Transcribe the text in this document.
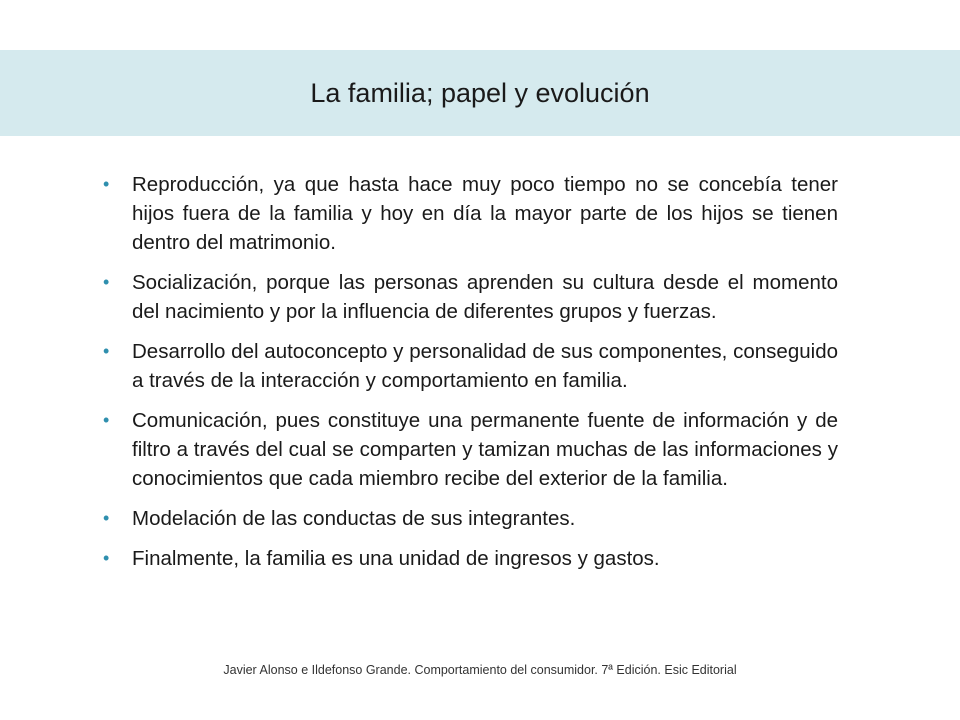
La familia; papel y evolución
• Reproducción, ya que hasta hace muy poco tiempo no se concebía tener hijos fuera de la familia y hoy en día la mayor parte de los hijos se tienen dentro del matrimonio.
• Socialización, porque las personas aprenden su cultura desde el momento del nacimiento y por la influencia de diferentes grupos y fuerzas.
• Desarrollo del autoconcepto y personalidad de sus componentes, conseguido a través de la interacción y comportamiento en familia.
• Comunicación, pues constituye una permanente fuente de información y de filtro a través del cual se comparten y tamizan muchas de las informaciones y conocimientos que cada miembro recibe del exterior de la familia.
• Modelación de las conductas de sus integrantes.
• Finalmente, la familia es una unidad de ingresos y gastos.
Javier Alonso e Ildefonso Grande. Comportamiento del consumidor. 7ª Edición. Esic Editorial
